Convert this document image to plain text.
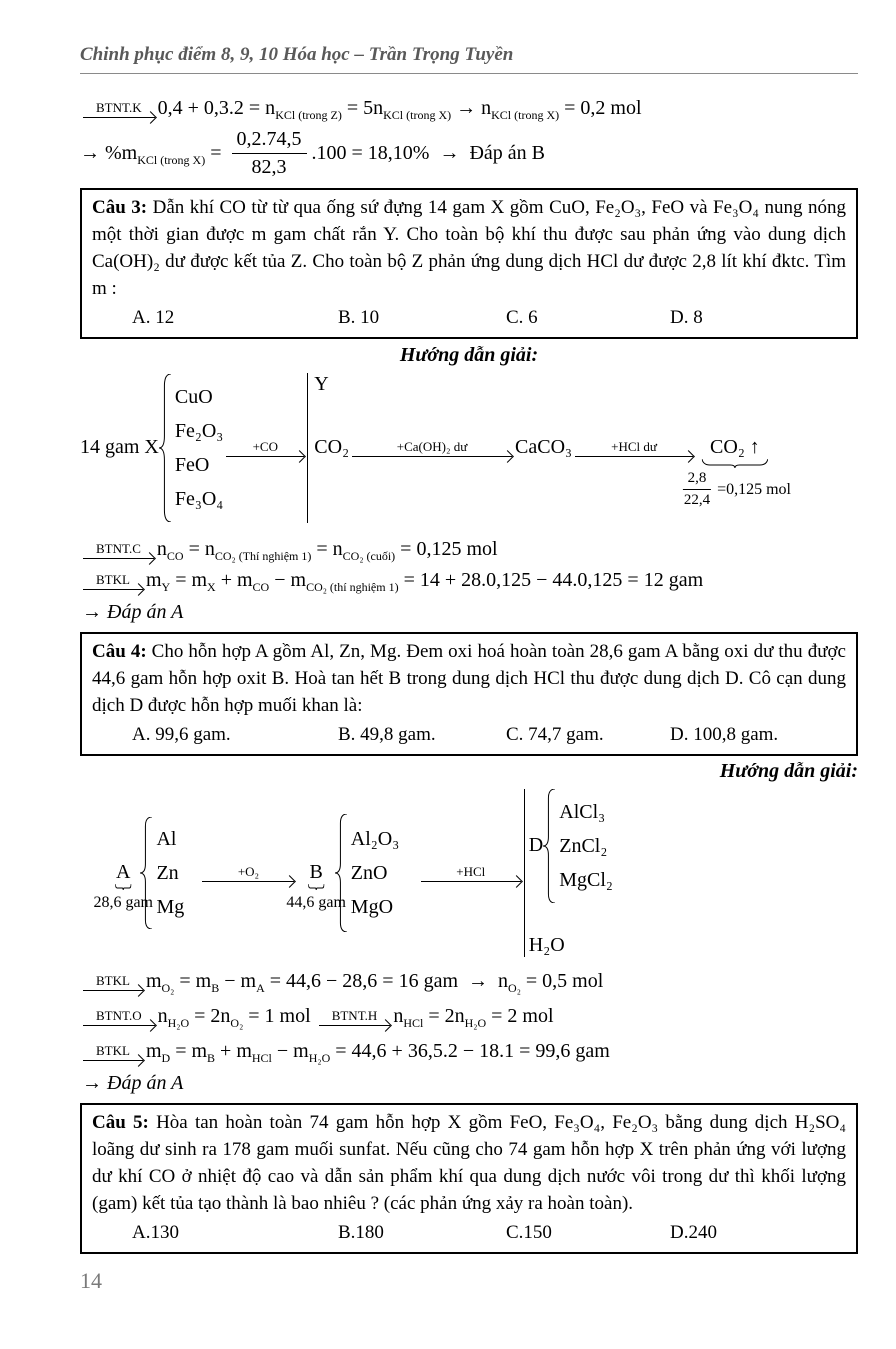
Chinh phục điểm 8, 9, 10 Hóa học – Trần Trọng Tuyền
BTNT.K $0,4 + 0,3.2 = n_{KCl (trong Z)} = 5n_{KCl (trong X)} \to n_{KCl (trong X)} = 0,2$ mol
→ $\%m_{KCl (trong X)} = \frac{0,2.74,5}{82,3} .100 = 18,10\%$  →  Đáp án B

Câu 3: Dẫn khí CO từ từ qua ống sứ đựng 14 gam X gồm CuO, Fe₂O₃, FeO và Fe₃O₄ nung nóng một thời gian được m gam chất rắn Y. Cho toàn bộ khí thu được sau phản ứng vào dung dịch Ca(OH)₂ dư được kết tủa Z. Cho toàn bộ Z phản ứng dung dịch HCl dư được 2,8 lít khí đktc. Tìm m :

A. 12	B. 10	C. 6	D. 8
Hướng dẫn giải:
14 gam X
CuO
Fe₂O₃
FeO
Fe₃O₄
+CO
Y
CO₂	+Ca(OH)₂ dư	CaCO₃	+HCl dư	CO₂ ↑
$\frac{2,8}{22,4} =0,125$ mol
BTNT.C $n_{CO} = n_{CO_2 (Thí nghiệm 1)} = n_{CO_2 (cuối)} = 0,125$ mol
BTKL $m_Y = m_X + m_{CO} - m_{CO_2 (thí nghiệm 1)} = 14 + 28.0,125 - 44.0,125 = 12$ gam
→ Đáp án A

Câu 4: Cho hỗn hợp A gồm Al, Zn, Mg. Đem oxi hoá hoàn toàn 28,6 gam A bằng oxi dư thu được 44,6 gam hỗn hợp oxit B. Hoà tan hết B trong dung dịch HCl thu được dung dịch D. Cô cạn dung dịch D được hỗn hợp muối khan là:

A. 99,6 gam.	B. 49,8 gam.	C. 74,7 gam.	D. 100,8 gam.
Hướng dẫn giải:
A
28,6 gam
Al
Zn
Mg
+O₂	B
44,6 gam
Al₂O₃
ZnO
MgO
+HCl
D
AlCl₃
ZnCl₂
MgCl₂
H₂O
BTKL $m_{O_2} = m_B - m_A = 44,6 - 28,6 = 16$ gam  →  $n_{O_2} = 0,5$ mol
BTNT.O $n_{H_2O} = 2n_{O_2} = 1$ mol	BTNT.H $n_{HCl} = 2n_{H_2O} = 2$ mol
BTKL $m_D = m_B + m_{HCl} - m_{H_2O} = 44,6 + 36,5.2 - 18.1 = 99,6$ gam
→ Đáp án A

Câu 5: Hòa tan hoàn toàn 74 gam hỗn hợp X gồm FeO, Fe₃O₄, Fe₂O₃ bằng dung dịch H₂SO₄ loãng dư sinh ra 178 gam muối sunfat. Nếu cũng cho 74 gam hỗn hợp X trên phản ứng với lượng dư khí CO ở nhiệt độ cao và dẫn sản phẩm khí qua dung dịch nước vôi trong dư thì khối lượng (gam) kết tủa tạo thành là bao nhiêu ? (các phản ứng xảy ra hoàn toàn).

A.130	B.180	C.150	D.240
14
